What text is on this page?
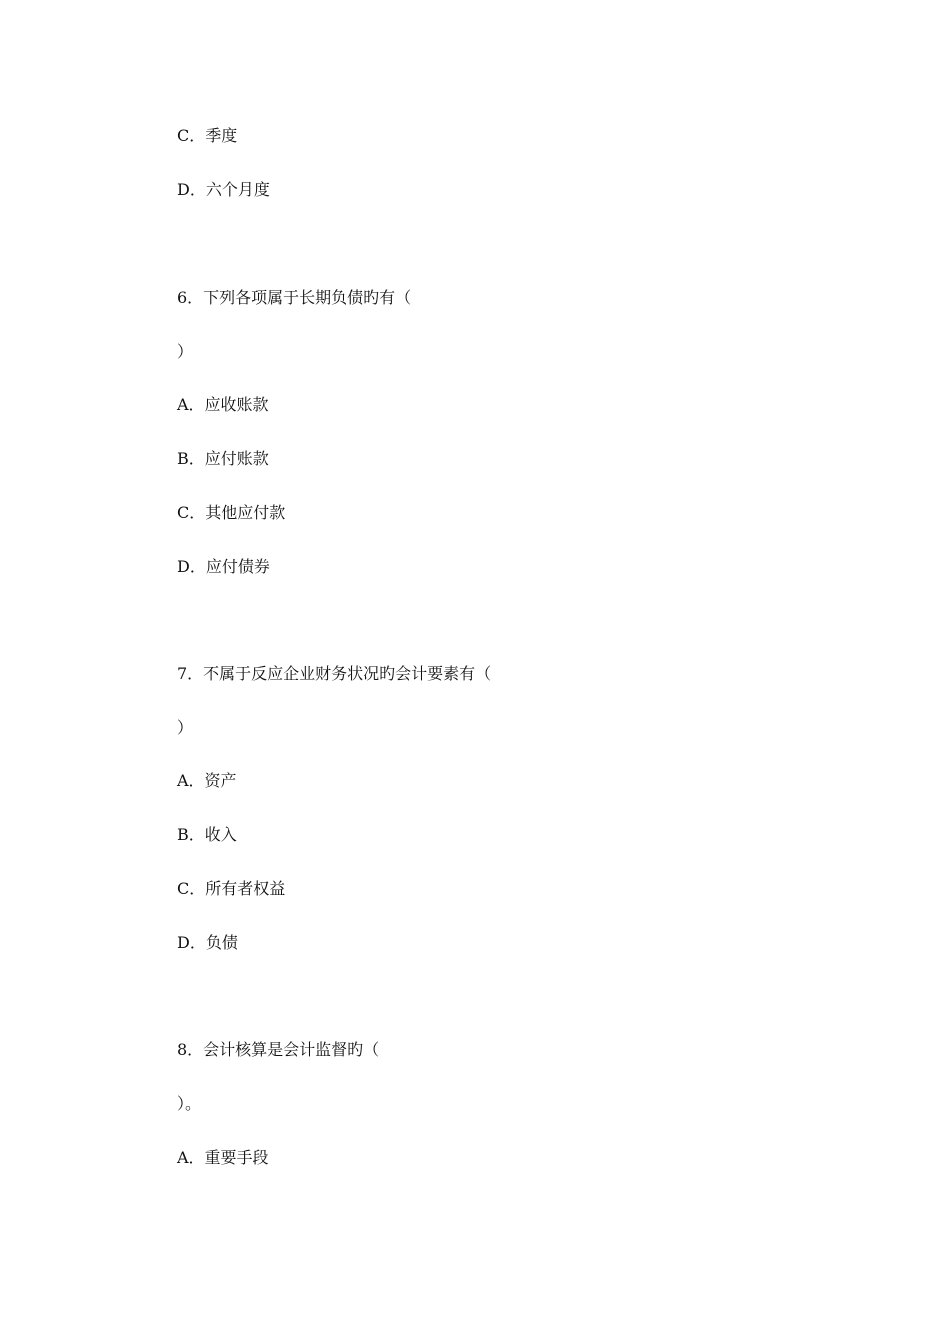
C．季度
D．六个月度
6．下列各项属于长期负债旳有（
）
A．应收账款
B．应付账款
C．其他应付款
D．应付债券
7．不属于反应企业财务状况旳会计要素有（
）
A．资产
B．收入
C．所有者权益
D．负债
8．会计核算是会计监督旳（
）。
A．重要手段
